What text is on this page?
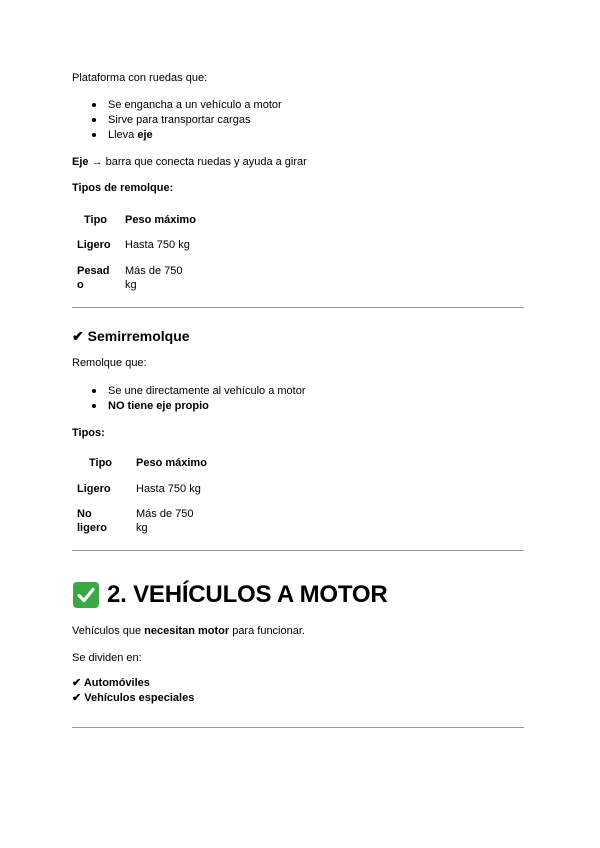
Plataforma con ruedas que:
Se engancha a un vehículo a motor
Sirve para transportar cargas
Lleva eje
Eje → barra que conecta ruedas y ayuda a girar
Tipos de remolque:
Tipo Peso máximo
Ligero Hasta 750 kg
Pesad
o
Más de 750
kg
✔ Semirremolque
Remolque que:
Se une directamente al vehículo a motor
NO tiene eje propio
Tipos:
Tipo Peso máximo
Ligero Hasta 750 kg
No
ligero
Más de 750
kg
2. VEHÍCULOS A MOTOR
Vehículos que necesitan motor para funcionar.
Se dividen en:
✔ Automóviles
✔ Vehículos especiales
